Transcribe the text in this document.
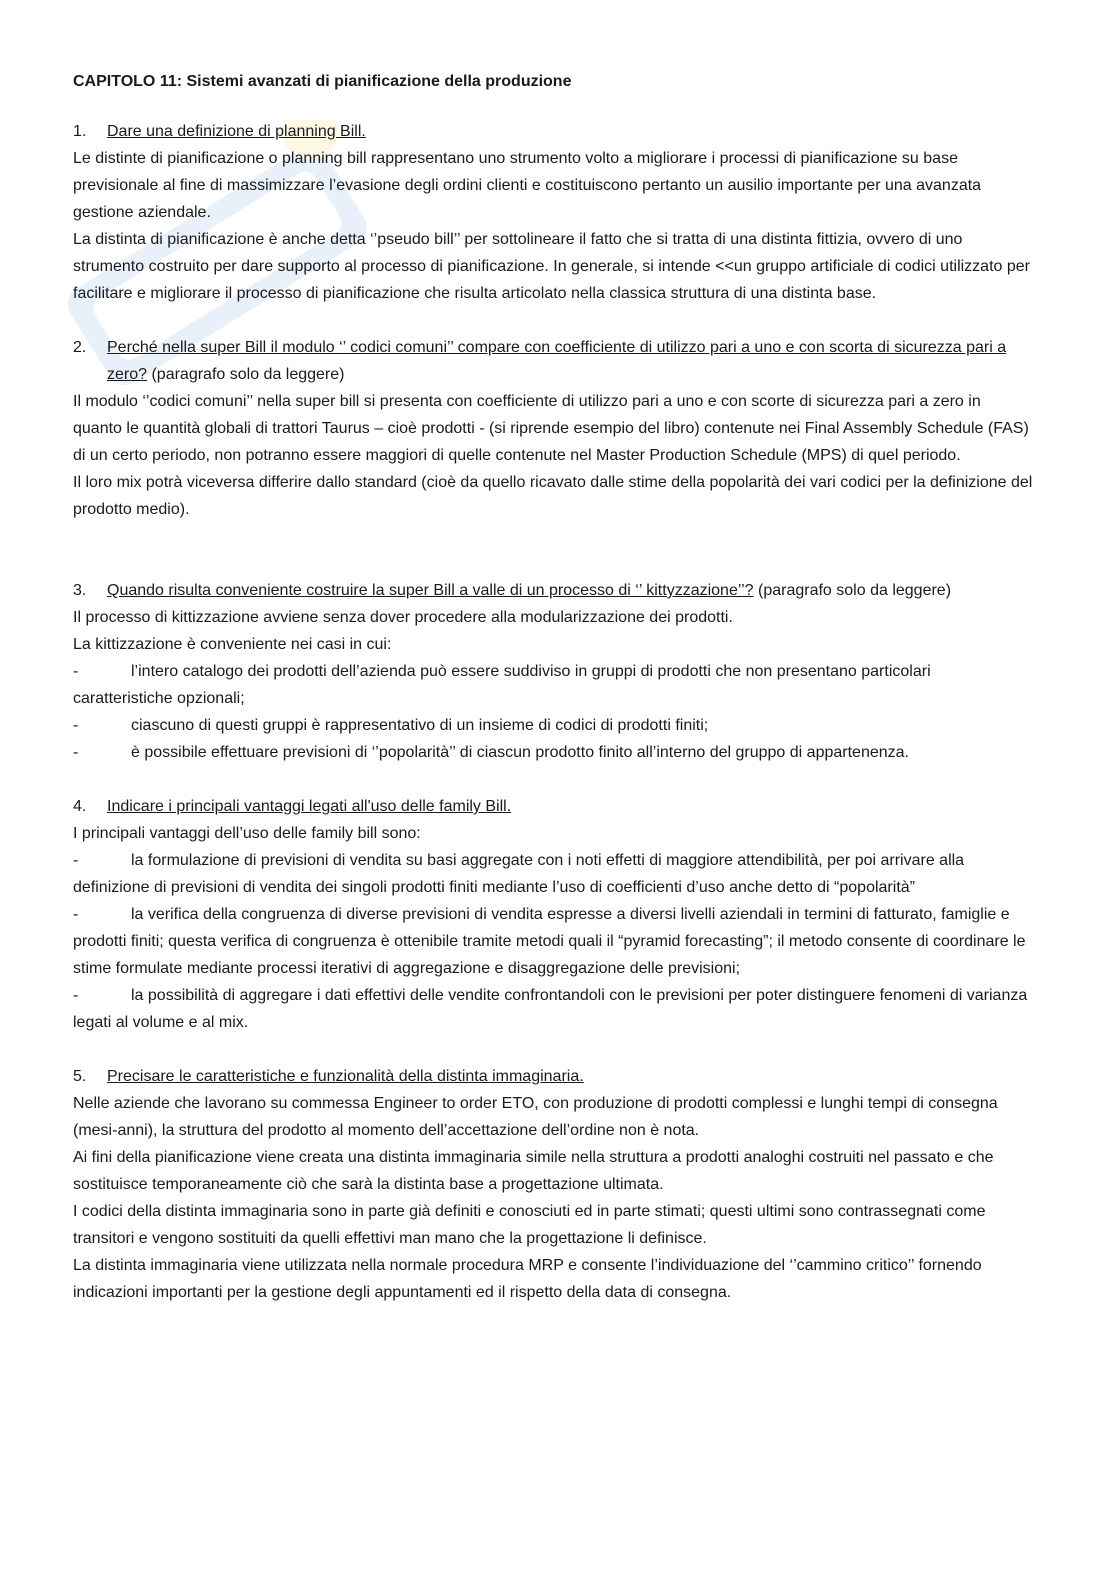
CAPITOLO 11: Sistemi avanzati di pianificazione della produzione

1. Dare una definizione di planning Bill.

Le distinte di pianificazione o planning bill rappresentano uno strumento volto a migliorare i processi di pianificazione su base previsionale al fine di massimizzare l’evasione degli ordini clienti e costituiscono pertanto un ausilio importante per una avanzata gestione aziendale.

La distinta di pianificazione è anche detta ‘’pseudo bill’’ per sottolineare il fatto che si tratta di una distinta fittizia, ovvero di uno strumento costruito per dare supporto al processo di pianificazione. In generale, si intende <<un gruppo artificiale di codici utilizzato per facilitare e migliorare il processo di pianificazione che risulta articolato nella classica struttura di una distinta base.

2. Perché nella super Bill il modulo ‘’ codici comuni’’ compare con coefficiente di utilizzo pari a uno e con scorta di sicurezza pari a zero? (paragrafo solo da leggere)

Il modulo ‘’codici comuni’’ nella super bill si presenta con coefficiente di utilizzo pari a uno e con scorte di sicurezza pari a zero in quanto le quantità globali di trattori Taurus – cioè prodotti - (si riprende esempio del libro) contenute nei Final Assembly Schedule (FAS) di un certo periodo, non potranno essere maggiori di quelle contenute nel Master Production Schedule (MPS) di quel periodo.

Il loro mix potrà viceversa differire dallo standard (cioè da quello ricavato dalle stime della popolarità dei vari codici per la definizione del prodotto medio).

3. Quando risulta conveniente costruire la super Bill a valle di un processo di ‘’ kittyzzazione’’? (paragrafo solo da leggere)

Il processo di kittizzazione avviene senza dover procedere alla modularizzazione dei prodotti.

La kittizzazione è conveniente nei casi in cui:

-	l’intero catalogo dei prodotti dell’azienda può essere suddiviso in gruppi di prodotti che non presentano particolari caratteristiche opzionali;

-	ciascuno di questi gruppi è rappresentativo di un insieme di codici di prodotti finiti;

-	è possibile effettuare previsioni di ‘’popolarità’’ di ciascun prodotto finito all’interno del gruppo di appartenenza.

4. Indicare i principali vantaggi legati all'uso delle family Bill.

I principali vantaggi dell’uso delle family bill sono:

-	la formulazione di previsioni di vendita su basi aggregate con i noti effetti di maggiore attendibilità, per poi arrivare alla definizione di previsioni di vendita dei singoli prodotti finiti mediante l’uso di coefficienti d’uso anche detto di “popolarità”

-	la verifica della congruenza di diverse previsioni di vendita espresse a diversi livelli aziendali in termini di fatturato, famiglie e prodotti finiti; questa verifica di congruenza è ottenibile tramite metodi quali il “pyramid forecasting”; il metodo consente di coordinare le stime formulate mediante processi iterativi di aggregazione e disaggregazione delle previsioni;

-	la possibilità di aggregare i dati effettivi delle vendite confrontandoli con le previsioni per poter distinguere fenomeni di varianza legati al volume e al mix.

5. Precisare le caratteristiche e funzionalità della distinta immaginaria.

Nelle aziende che lavorano su commessa Engineer to order ETO, con produzione di prodotti complessi e lunghi tempi di consegna (mesi-anni), la struttura del prodotto al momento dell’accettazione dell’ordine non è nota.

Ai fini della pianificazione viene creata una distinta immaginaria simile nella struttura a prodotti analoghi costruiti nel passato e che sostituisce temporaneamente ciò che sarà la distinta base a progettazione ultimata.

I codici della distinta immaginaria sono in parte già definiti e conosciuti ed in parte stimati; questi ultimi sono contrassegnati come transitori e vengono sostituiti da quelli effettivi man mano che la progettazione li definisce.

La distinta immaginaria viene utilizzata nella normale procedura MRP e consente l’individuazione del ‘’cammino critico’’ fornendo indicazioni importanti per la gestione degli appuntamenti ed il rispetto della data di consegna.
